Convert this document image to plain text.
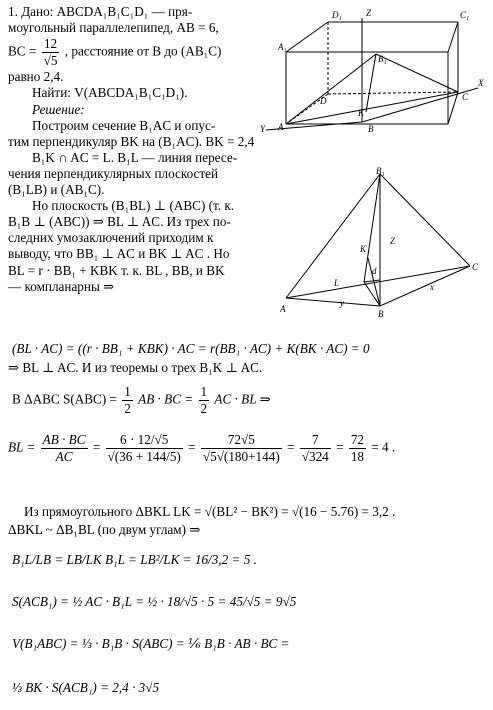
1. Дано: ABCDA₁B₁C₁D₁ — пря-

моугольный параллелепипед, AB = 6,

BC = $\frac{12}{√5}$ , расстояние от B до (AB₁C)

равно 2,4.

Найти: V(ABCDA₁B₁C₁D₁).

Решение:

Построим сечение B₁AC и опус-

тим перпендикуляр BK на (B₁AC). BK = 2,4

B₁K ∩ AC = L. B₁L — линия пересе-

чения перпендикулярных плоскостей

(B₁LB) и (AB₁C).

Но плоскость (B₁BL) ⊥ (ABC) (т. к.

B₁B ⊥ (ABC)) ⇒ BL ⊥ AC. Из трех по-

следних умозаключений приходим к

выводу, что BB₁ ⊥ AC и BK ⊥ AC . Но

BL = r · BB₁ + KBK т. к. BL , BB, и BK

— компланарны ⇒

D₁	Z	C₁
A₁
B₁
D	C
X
A
K
B
Y
B₁
K
d
Z
L
C
x
y
A	B

(BL · AC) = ((r · BB₁ + KBK) · AC = r(BB₁ · AC) + K(BK · AC) = 0

⇒ BL ⊥ AC. И из теоремы о трех B₁K ⊥ AC.

В ΔABC $S(ABC) = \frac{1}{2}$ AB · BC = $\frac{1}{2}$ AC · BL ⇒

BL = $\frac{AB \cdot BC}{AC} = \frac{6 \cdot 12/√5}{√(36 + 144/5)} = \frac{72√5}{√5√(180+144)} = \frac{7}{√324} = \frac{72}{18} = 4$ .

Из прямоугольного ΔBKL LK = √(BL² − BK²) = √(16 − 5.76) = 3,2 .

ΔBKL ~ ΔB₁BL (по двум углам) ⇒

B₁L/LB = LB/LK B₁L = LB²/LK = 16/3,2 = 5 .

S(ACB₁) = ½ AC · B₁L = ½ · 18/√5 · 5 = 45/√5 = 9√5

V(B₁ABC) = ⅓ · B₁B · S(ABC) = ⅙ B₁B · AB · BC =

⅓ BK · S(ACB₁) = 2,4 · 3√5
